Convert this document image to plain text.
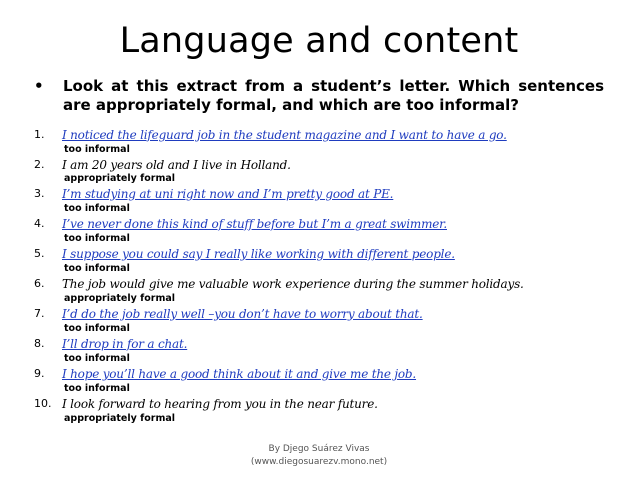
Language and content
• Look at this extract from a student’s letter. Which sentences are appropriately formal, and which are too informal?
1. I noticed the lifeguard job in the student magazine and I want to have a go.
too informal
2. I am 20 years old and I live in Holland.
appropriately formal
3. I’m studying at uni right now and I’m pretty good at PE.
too informal
4. I’ve never done this kind of stuff before but I’m a great swimmer.
too informal
5. I suppose you could say I really like working with different people.
too informal
6. The job would give me valuable work experience during the summer holidays.
appropriately formal
7. I’d do the job really well –you don’t have to worry about that.
too informal
8. I’ll drop in for a chat.
too informal
9. I hope you’ll have a good think about it and give me the job.
too informal
10. I look forward to hearing from you in the near future.
appropriately formal
By Djego Suárez Vivas
(www.diegosuarezv.mono.net)
